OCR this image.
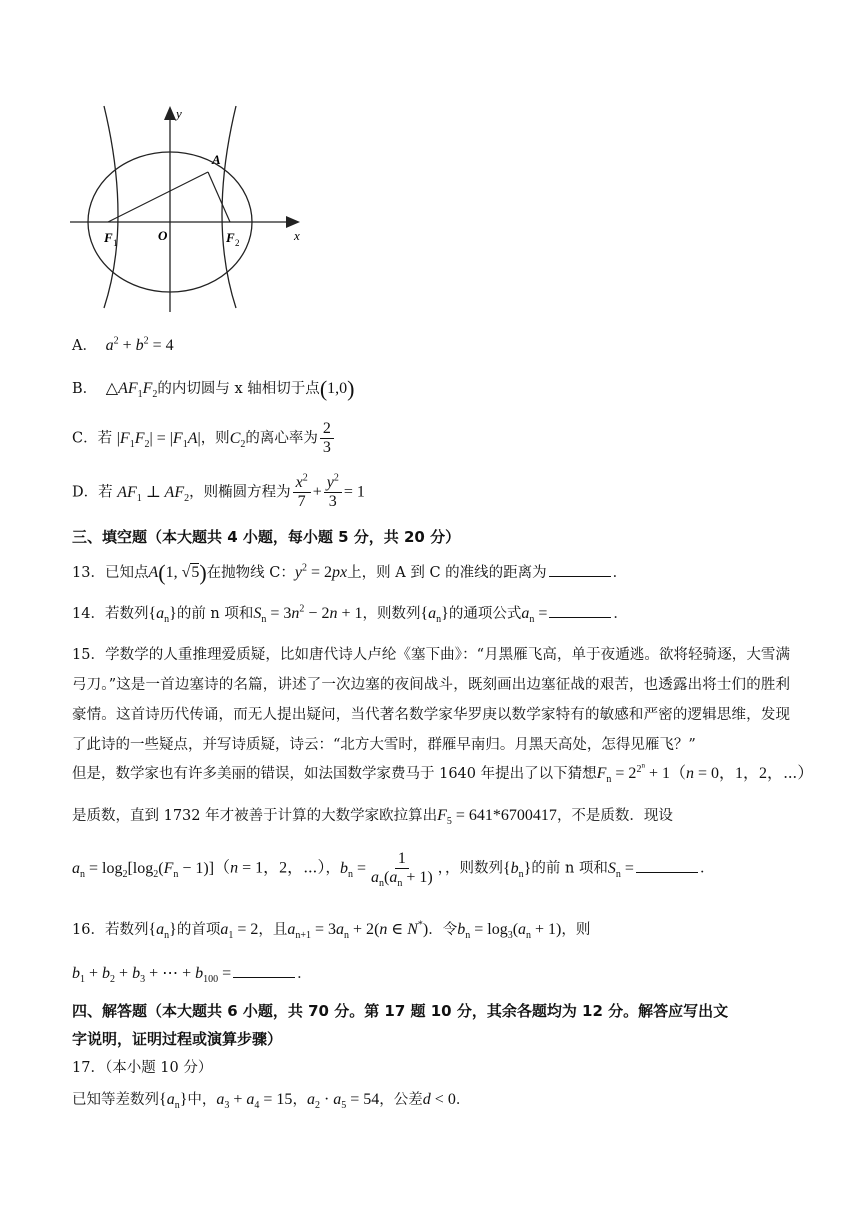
y
x
A
O
F 1	F 2
A．  $a^2 + b^2 = 4$
B． $\triangle AF_1F_2$的内切圆与 x 轴相切于点(1,0)
C．若 $|F_1F_2| = |F_1A|$，则$C_2$的离心率为 $\frac{2}{3}$
D．若 $AF_1$ ⊥ $AF_2$，则椭圆方程为 $\frac{x^2}{7} + \frac{y^2}{3} = 1$
三、填空题（本大题共 4 小题，每小题 5 分，共 20 分）
13．已知点A(1, √5)在抛物线 C：$y^2 = 2px$上，则 A 到 C 的准线的距离为	．
14．若数列$\{a_n\}$的前 n 项和$S_n = 3n^2 - 2n + 1$，则数列$\{a_n\}$的通项公式$a_n$ =	．
15．学数学的人重推理爱质疑，比如唐代诗人卢纶《塞下曲》：“月黑雁飞高，单于夜遁逃。欲将轻骑逐，大雪满弓刀。”这是一首边塞诗的名篇，讲述了一次边塞的夜间战斗，既刻画出边塞征战的艰苦，也透露出将士们的胜利豪情。这首诗历代传诵，而无人提出疑问，当代著名数学家华罗庚以数学家特有的敏感和严密的逻辑思维，发现了此诗的一些疑点，并写诗质疑，诗云：“北方大雪时，群雁早南归。月黑天高处，怎得见雁飞？”
但是，数学家也有许多美丽的错误，如法国数学家费马于 1640 年提出了以下猜想$F_n = 2^{2^n} + 1(n = 0$，1，2，⋯）
是质数，直到 1732 年才被善于计算的大数学家欧拉算出$F_5 = 641*6700417$，不是质数．现设
$a_n = \log_2[\log_2(F_n - 1)](n = 1$，2，⋯），$b_n = \frac{1}{a_n(a_n + 1)}$ ，，则数列$\{b_n\}$的前 n 项和$S_n$ =	．
16．若数列$\{a_n\}$的首项$a_1 = 2$，且$a_{n+1} = 3a_n + 2(n$ ∈ N*)．令$b_n = \log_3(a_n + 1)$，则
$b_1 + b_2 + b_3$ + ⋯ + $b_{100}$ =	．
四、解答题（本大题共 6 小题，共 70 分。第 17 题 10 分，其余各题均为 12 分。解答应写出文
字说明，证明过程或演算步骤）
17．（本小题 10 分）
已知等差数列$\{a_n\}$中，$a_3 + a_4 = 15$，$a_2 \cdot a_5 = 54$，公差d < 0．
